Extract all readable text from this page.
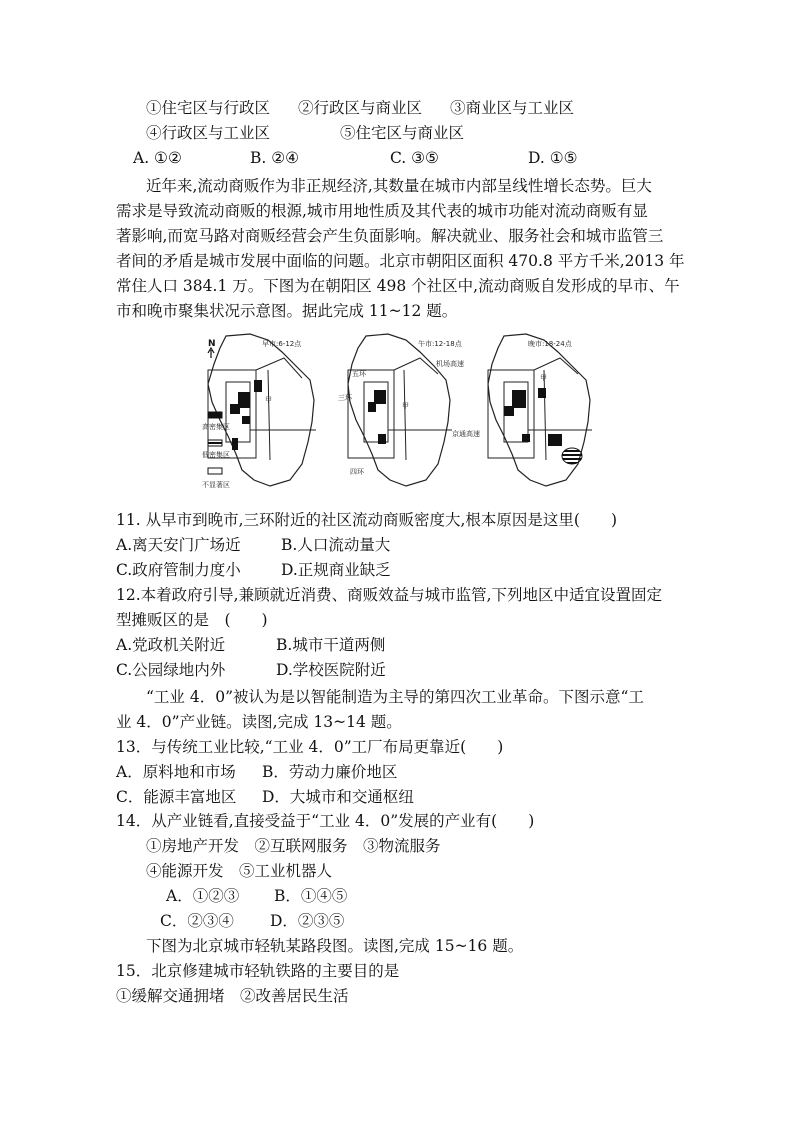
①住宅区与行政区 ②行政区与商业区 ③商业区与工业区
④行政区与工业区	⑤住宅区与商业区
A. ①②	B. ②④	C. ③⑤	D. ①⑤
近年来,流动商贩作为非正规经济,其数量在城市内部呈线性增长态势。巨大
需求是导致流动商贩的根源,城市用地性质及其代表的城市功能对流动商贩有显
著影响,而宽马路对商贩经营会产生负面影响。解决就业、服务社会和城市监管三
者间的矛盾是城市发展中面临的问题。北京市朝阳区面积 470.8 平方千米,2013 年
常住人口 384.1 万。下图为在朝阳区 498 个社区中,流动商贩自发形成的早市、午
市和晚市聚集状况示意图。据此完成 11~12 题。
早市:6-12点
N
甲
高密集区
低密集区
不显著区
午市:12-18点
机场高速
五环
三环
甲
京通高速
四环
晚市:18-24点
甲
11. 从早市到晚市,三环附近的社区流动商贩密度大,根本原因是这里(　　)
A.离天安门广场近	B.人口流动量大
C.政府管制力度小	D.正规商业缺乏
12.本着政府引导,兼顾就近消费、商贩效益与城市监管,下列地区中适宜设置固定
型摊贩区的是　(　　)
A.党政机关附近	B.城市干道两侧
C.公园绿地内外	D.学校医院附近
“工业 4．0”被认为是以智能制造为主导的第四次工业革命。下图示意“工
业 4．0”产业链。读图,完成 13~14 题。
13．与传统工业比较,“工业 4．0”工厂布局更靠近(　　)
A．原料地和市场 B．劳动力廉价地区
C．能源丰富地区 D．大城市和交通枢纽
14．从产业链看,直接受益于“工业 4．0”发展的产业有(　　)
①房地产开发　②互联网服务　③物流服务
④能源开发　⑤工业机器人
A．①②③ B．①④⑤
C．②③④ D．②③⑤
下图为北京城市轻轨某路段图。读图,完成 15~16 题。
15．北京修建城市轻轨铁路的主要目的是
①缓解交通拥堵　②改善居民生活
